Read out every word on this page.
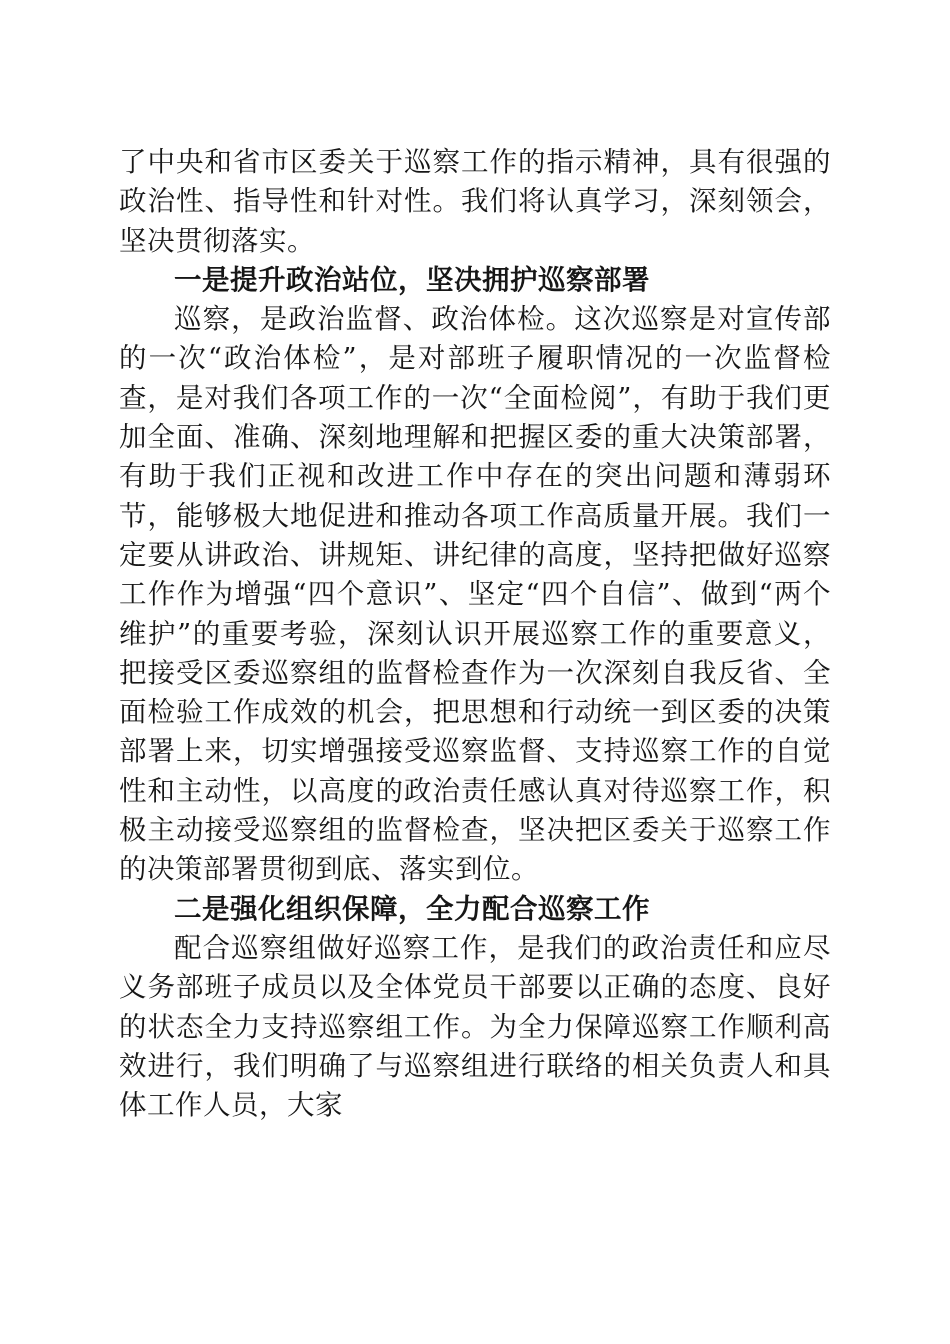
了中央和省市区委关于巡察工作的指示精神，具有很强的政治性、指导性和针对性。我们将认真学习，深刻领会，坚决贯彻落实。

一是提升政治站位，坚决拥护巡察部署

巡察，是政治监督、政治体检。这次巡察是对宣传部的一次“政治体检”，是对部班子履职情况的一次监督检查，是对我们各项工作的一次“全面检阅”，有助于我们更加全面、准确、深刻地理解和把握区委的重大决策部署，有助于我们正视和改进工作中存在的突出问题和薄弱环节，能够极大地促进和推动各项工作高质量开展。我们一定要从讲政治、讲规矩、讲纪律的高度，坚持把做好巡察工作作为增强“四个意识”、坚定“四个自信”、做到“两个维护”的重要考验，深刻认识开展巡察工作的重要意义，把接受区委巡察组的监督检查作为一次深刻自我反省、全面检验工作成效的机会，把思想和行动统一到区委的决策部署上来，切实增强接受巡察监督、支持巡察工作的自觉性和主动性，以高度的政治责任感认真对待巡察工作，积极主动接受巡察组的监督检查，坚决把区委关于巡察工作的决策部署贯彻到底、落实到位。

二是强化组织保障，全力配合巡察工作

配合巡察组做好巡察工作，是我们的政治责任和应尽义务部班子成员以及全体党员干部要以正确的态度、良好的状态全力支持巡察组工作。为全力保障巡察工作顺利高效进行，我们明确了与巡察组进行联络的相关负责人和具体工作人员，大家
